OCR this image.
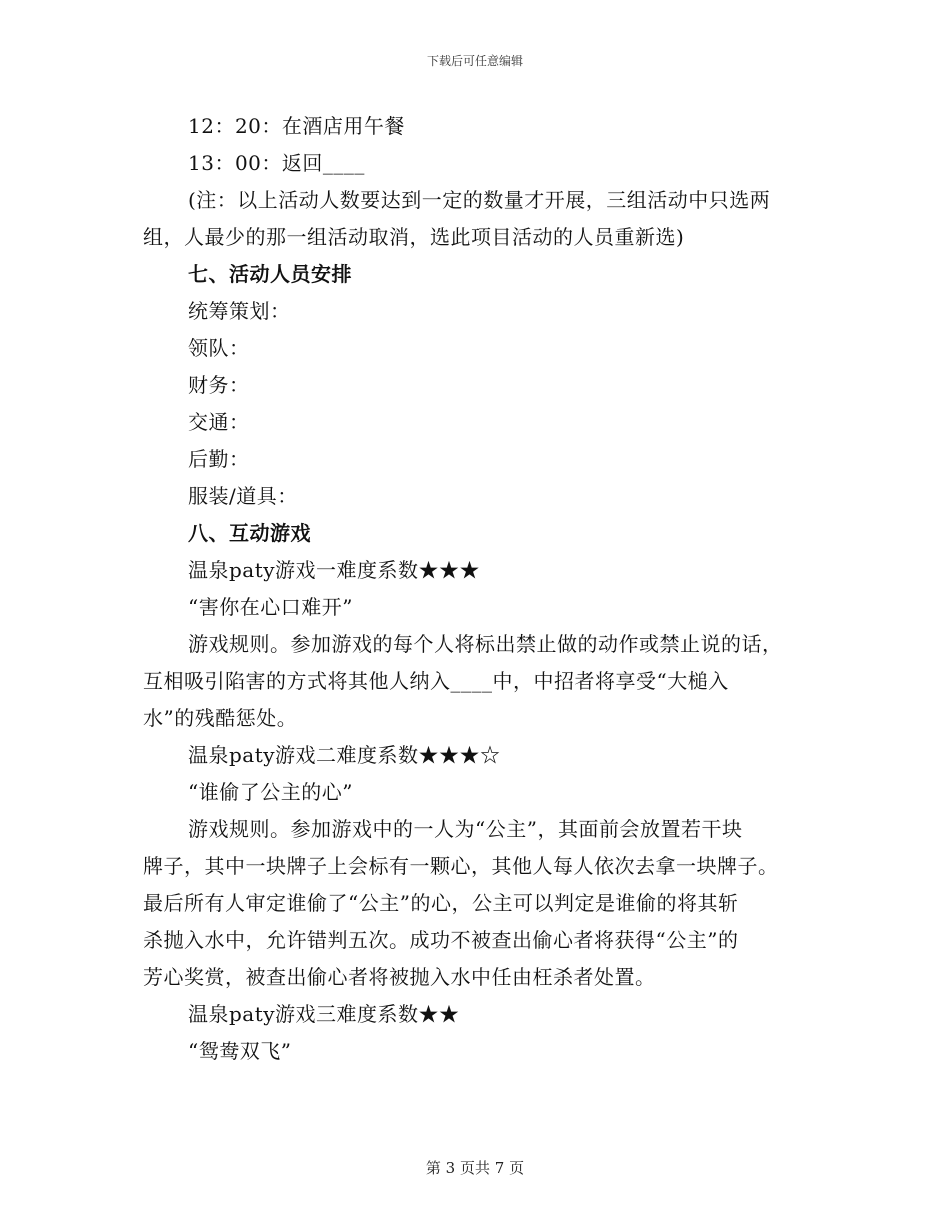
下载后可任意编辑
12：20：在酒店用午餐
13：00：返回____
(注：以上活动人数要达到一定的数量才开展，三组活动中只选两
组，人最少的那一组活动取消，选此项目活动的人员重新选)
七、活动人员安排
统筹策划：
领队：
财务：
交通：
后勤：
服装/道具：
八、互动游戏
温泉paty游戏一难度系数★★★
“害你在心口难开”
游戏规则。参加游戏的每个人将标出禁止做的动作或禁止说的话，
互相吸引陷害的方式将其他人纳入____中，中招者将享受“大槌入
水”的残酷惩处。
温泉paty游戏二难度系数★★★☆
“谁偷了公主的心”
游戏规则。参加游戏中的一人为“公主”，其面前会放置若干块
牌子，其中一块牌子上会标有一颗心，其他人每人依次去拿一块牌子。
最后所有人审定谁偷了“公主”的心，公主可以判定是谁偷的将其斩
杀抛入水中，允许错判五次。成功不被查出偷心者将获得“公主”的
芳心奖赏，被查出偷心者将被抛入水中任由枉杀者处置。
温泉paty游戏三难度系数★★
“鸳鸯双飞”
第 3 页共 7 页
